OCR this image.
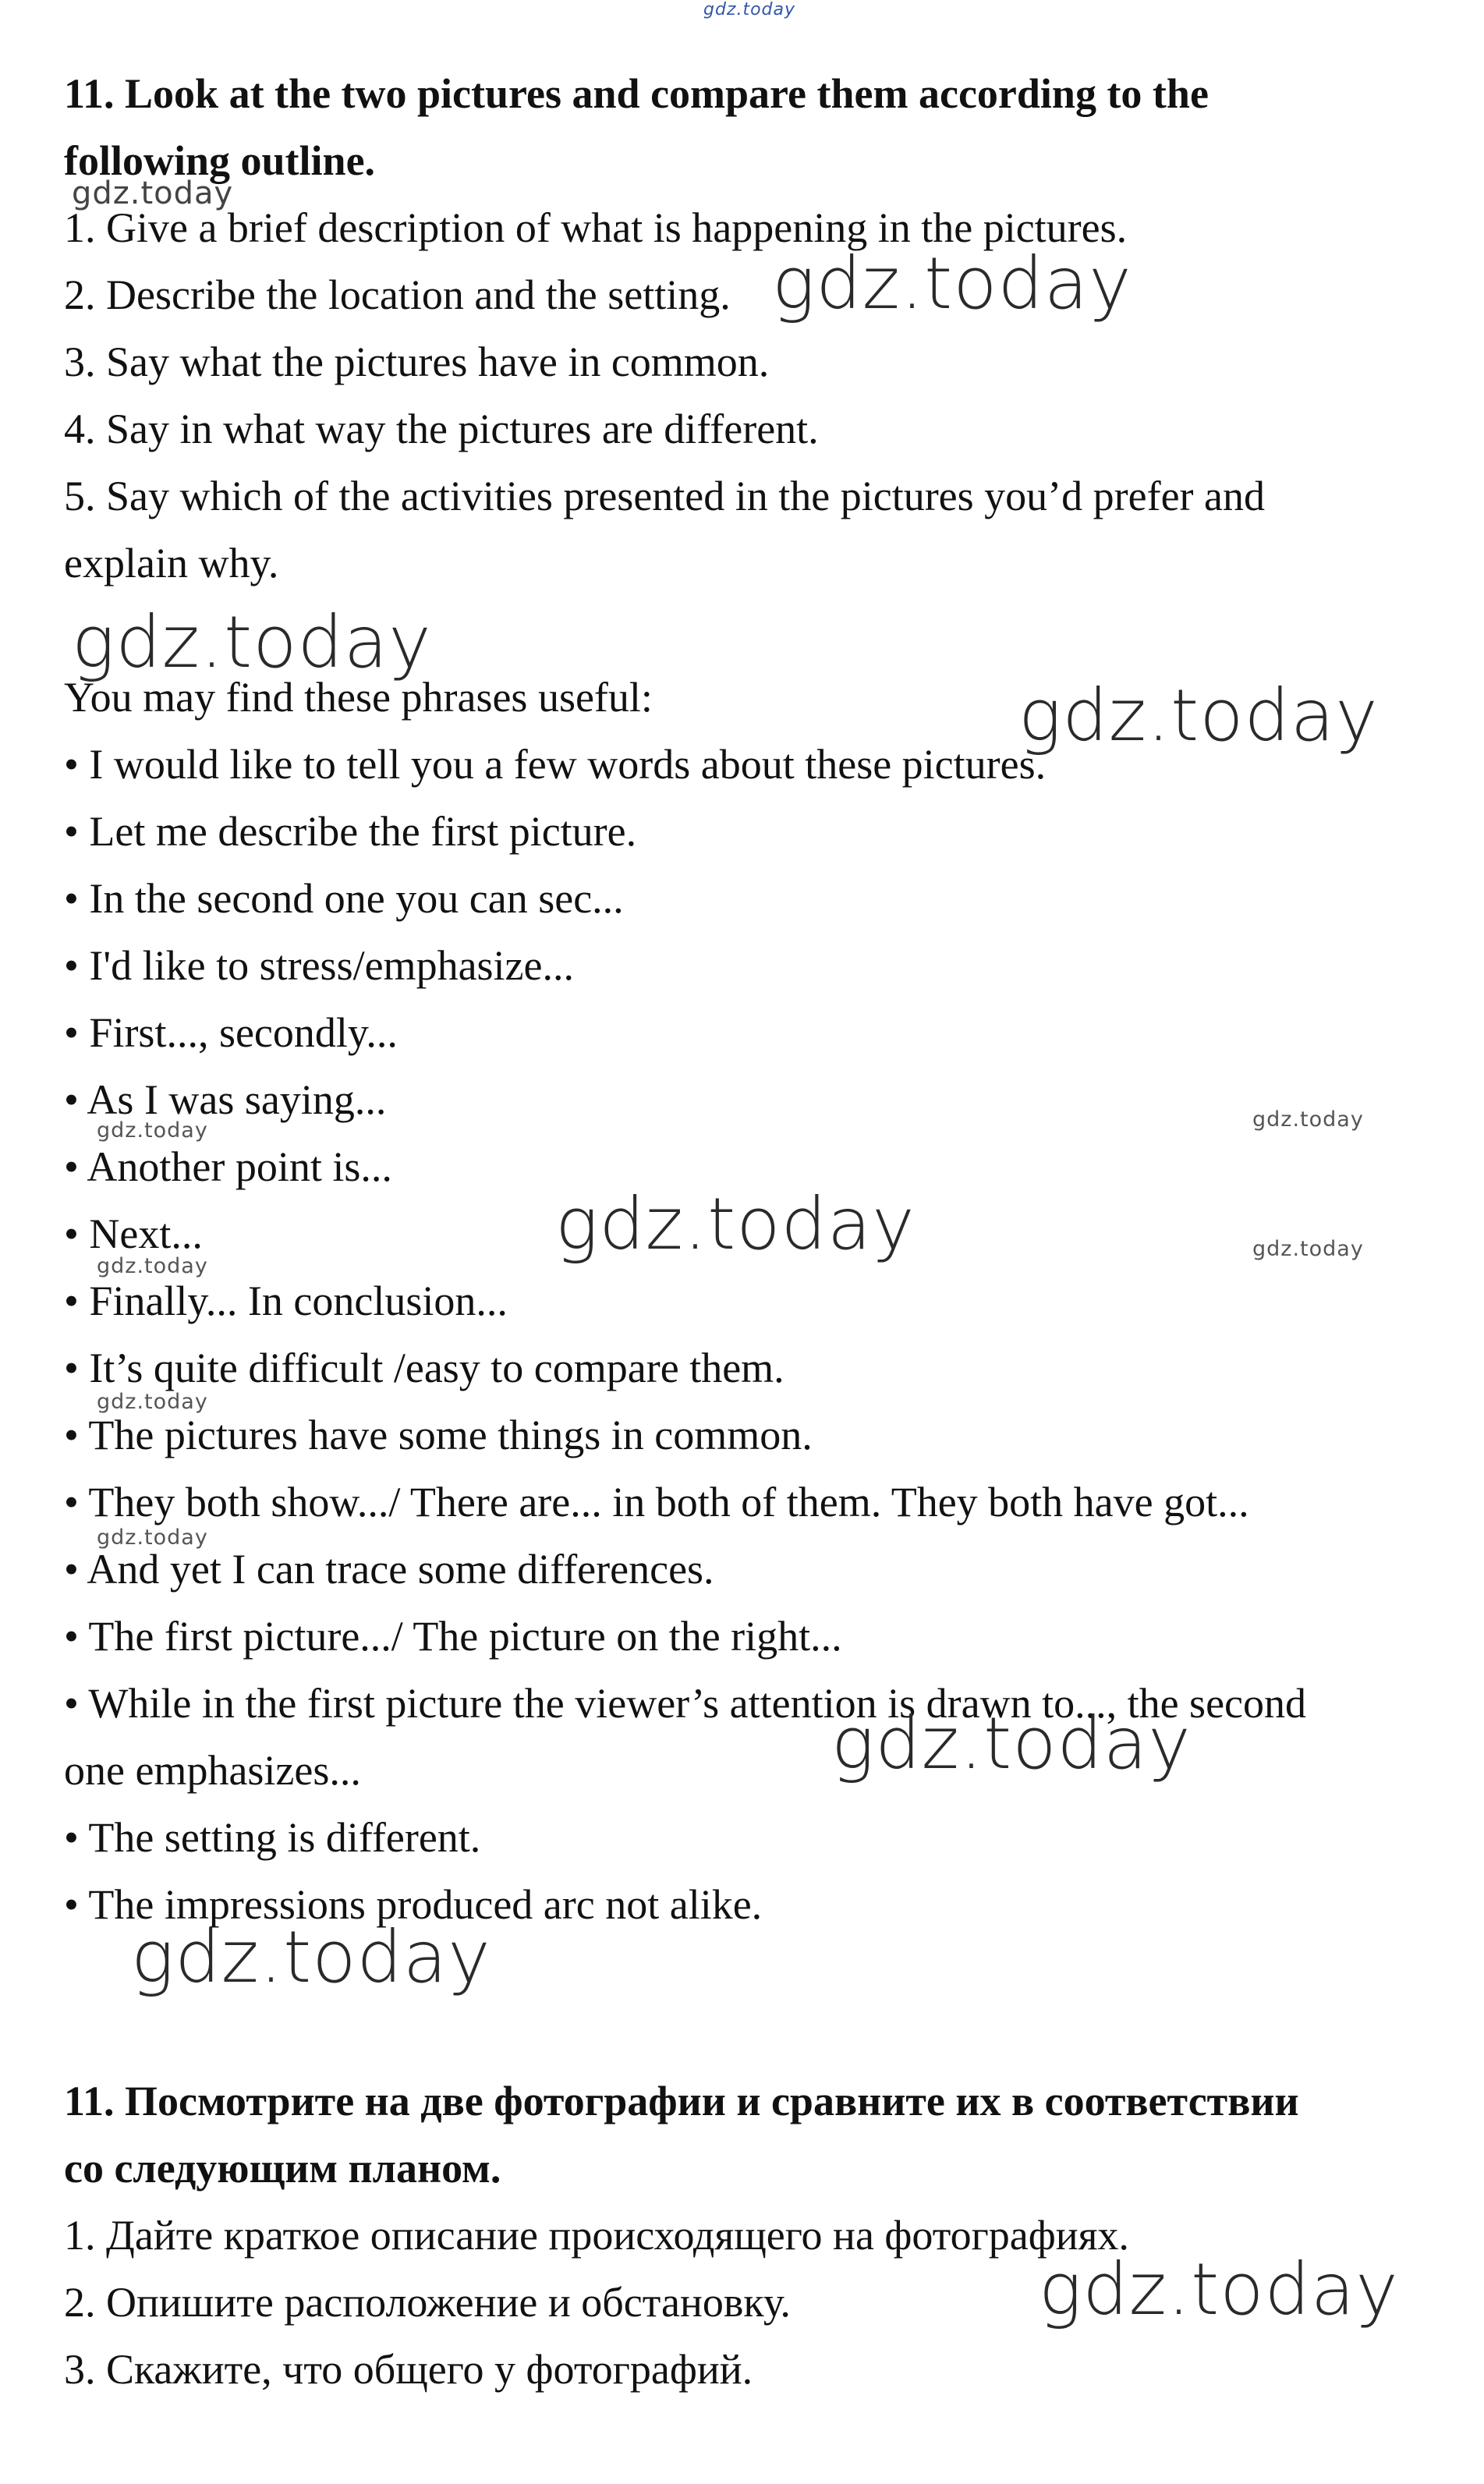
gdz.today
11. Look at the two pictures and compare them according to the
following outline.
1. Give a brief description of what is happening in the pictures.
2. Describe the location and the setting.
3. Say what the pictures have in common.
4. Say in what way the pictures are different.
5. Say which of the activities presented in the pictures you’d prefer and
explain why.
You may find these phrases useful:
• I would like to tell you a few words about these pictures.
• Let me describe the first picture.
• In the second one you can sec...
• I'd like to stress/emphasize...
• First..., secondly...
• As I was saying...
• Another point is...
• Next...
• Finally... In conclusion...
• It’s quite difficult /easy to compare them.
• The pictures have some things in common.
• They both show.../ There are... in both of them. They both have got...
• And yet I can trace some differences.
• The first picture.../ The picture on the right...
• While in the first picture the viewer’s attention is drawn to..., the second
one emphasizes...
• The setting is different.
• The impressions produced arc not alike.
11. Посмотрите на две фотографии и сравните их в соответствии
со следующим планом.
1. Дайте краткое описание происходящего на фотографиях.
2. Опишите расположение и обстановку.
3. Скажите, что общего у фотографий.
gdz.today
gdz.today
gdz.today
gdz.today
gdz.today	gdz.today
gdz.today
gdz.today
gdz.today
gdz.today
gdz.today
gdz.today
gdz.today
gdz.today
